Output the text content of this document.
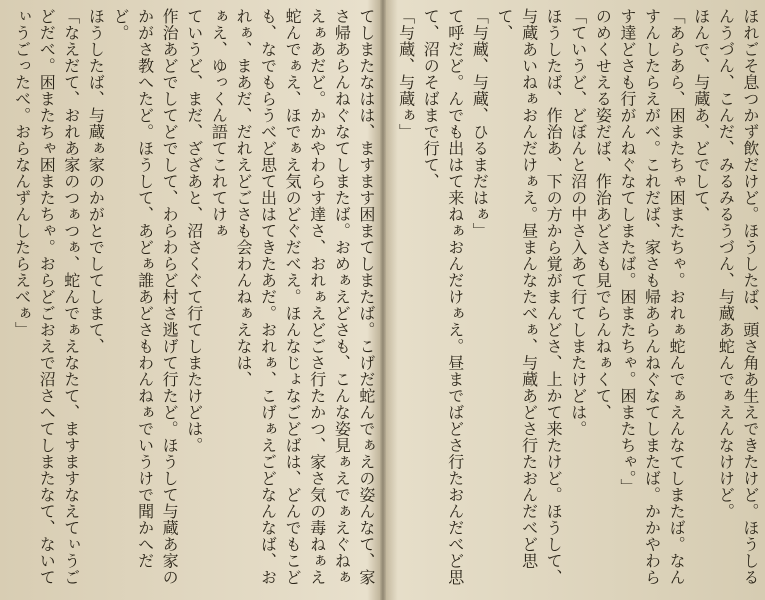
ほれごそ息つかず飲だけど。ほうしたば、頭さ角あ生えできたけど。ほうしるんうづん、こんだ、みるみるうづん、与蔵あ蛇んでぁえんなけけど。
ほんで、与蔵あ、どでして、
「あらあら、困またちゃ困またちゃ。おれぁ蛇んでぁえんなてしまたば。なんすんしたらえがべ。これだば、家さも帰あらんねぐなてしまたば。かかやわらす達どさも行がんねぐなてしまたば。困またちゃ。困またちゃ。」
のめくせえる姿だば、作治あどさも見でらんねぁくて、
「ていうど、どぼんと沼の中さ入あて行てしまたけどは。
ほうしたば、作治あ、下の方から覚がまんどさ、上かて来たけど。ほうして、与蔵あいねぁおんだけぁえ。昼まんなたべぁ、与蔵あどさ行たおんだべど思て、
「与蔵、与蔵、ひるまだはぁ」
て呼だど。んでも出はて来ねぁおんだけぁえ。昼までばどさ行たおんだべど思て、沼のそばまで行て、
「与蔵、与蔵ぁ」

てしまたなはは、ますます困まてしまたば。こげだ蛇んでぁえの姿んなて、家さ帰あらんねぐなてしまたば。おめぁえどさも、こんな姿見ぁえでぁえぐねぁえぁあだど。かかやわらす達さ、おれぁえどごさ行たかつ、家さ気の毒ねぁえ蛇んでぁえ、ほでぁえ気のどぐだべえ。ほんなじょなごどばは、どんでもこども、なでもらうべど思て出はてきたあだ。おれぁ、こげぁえごどなんなば、おれぁ、まあだ、だれえどごさも会わんねぁえなは、
ぁえ、ゆっくん語てこれてけぁ
ていうど、まだ、ざざあと、沼さくぐて行てしまたけどは。
作治あどでしてどでして、わらわらど村さ逃げて行たど。ほうして与蔵あ家のかがさ教へたど。ほうして、あどぁ誰あどさもわんねぁでいうけで聞かへだど。
ほうしたば、与蔵ぁ家のかがとでしてしまて、
「なえだて、おれあ家のつぁつぁ、蛇んでぁえなたて、ますますなえてぃうごどだべ。困またちゃ困またちゃ。おらどごおえで沼さへてしまたなて、ないてぃうごったべ。おらなんずんしたらえべぁ」
